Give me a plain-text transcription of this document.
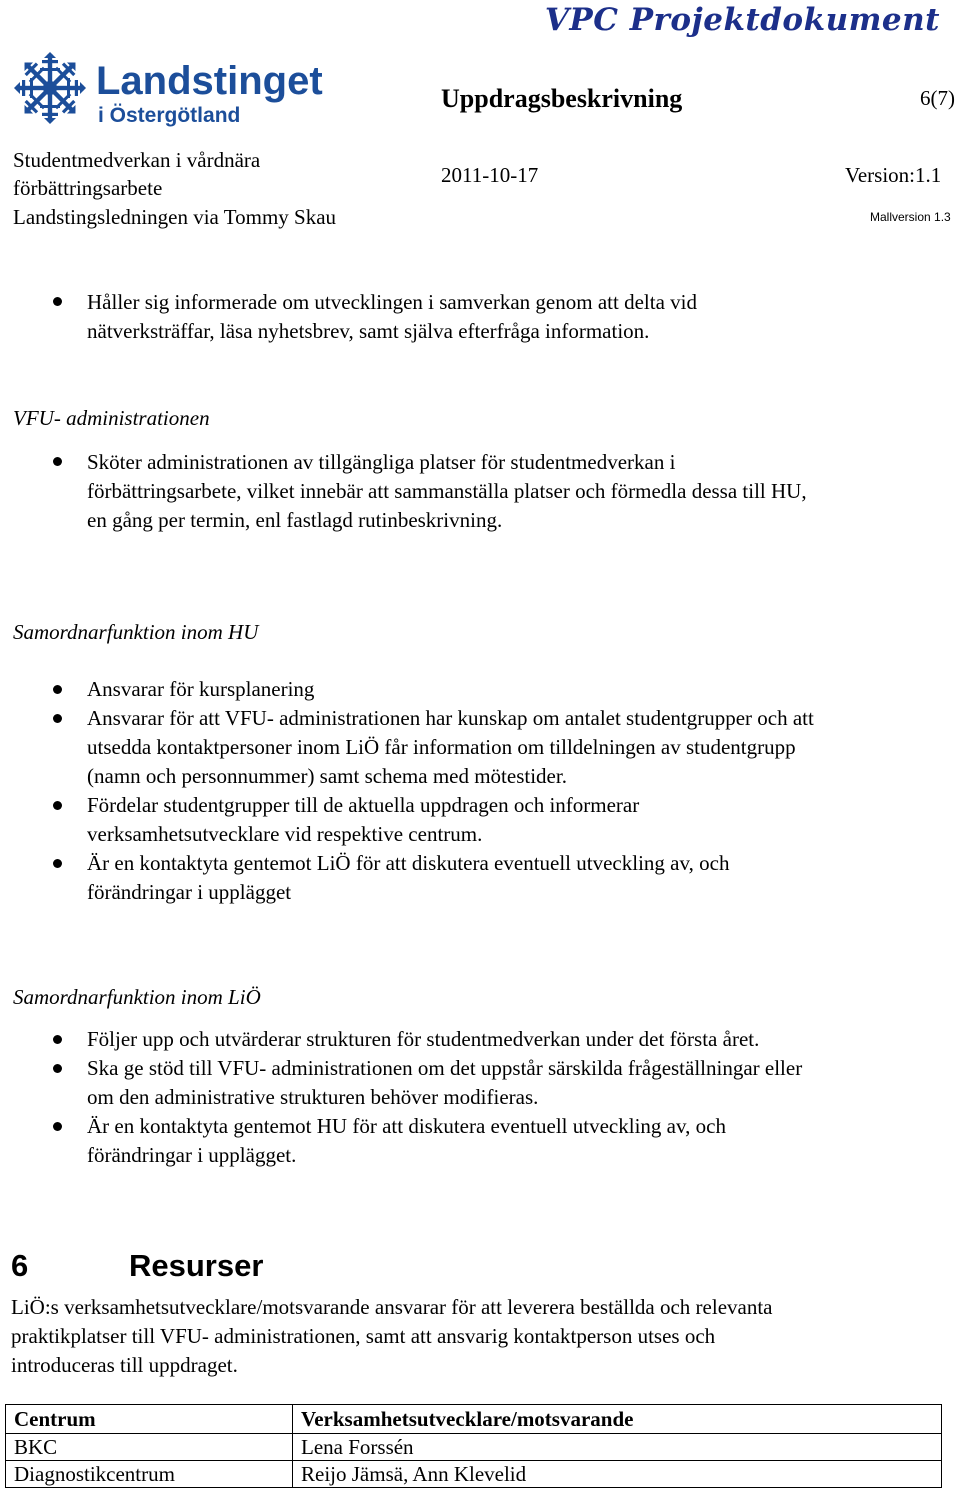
Landstinget
i Östergötland
VPC Projektdokument
Uppdragsbeskrivning	6(7)
Studentmedverkan i vårdnära
förbättringsarbete
Landstingsledningen via Tommy Skau
2011-10-17	Version:1.1
Mallversion 1.3
Håller sig informerade om utvecklingen i samverkan genom att delta vid
nätverksträffar, läsa nyhetsbrev, samt själva efterfråga information.
VFU- administrationen
Sköter administrationen av tillgängliga platser för studentmedverkan i
förbättringsarbete, vilket innebär att sammanställa platser och förmedla dessa till HU,
en gång per termin, enl fastlagd rutinbeskrivning.
Samordnarfunktion inom HU
Ansvarar för kursplanering
Ansvarar för att VFU- administrationen har kunskap om antalet studentgrupper och att
utsedda kontaktpersoner inom LiÖ får information om tilldelningen av studentgrupp
(namn och personnummer) samt schema med mötestider.
Fördelar studentgrupper till de aktuella uppdragen och informerar
verksamhetsutvecklare vid respektive centrum.
Är en kontaktyta gentemot LiÖ för att diskutera eventuell utveckling av, och
förändringar i upplägget
Samordnarfunktion inom LiÖ
Följer upp och utvärderar strukturen för studentmedverkan under det första året.
Ska ge stöd till VFU- administrationen om det uppstår särskilda frågeställningar eller
om den administrative strukturen behöver modifieras.
Är en kontaktyta gentemot HU för att diskutera eventuell utveckling av, och
förändringar i upplägget.
6	Resurser
LiÖ:s verksamhetsutvecklare/motsvarande ansvarar för att leverera beställda och relevanta
praktikplatser till VFU- administrationen, samt att ansvarig kontaktperson utses och
introduceras till uppdraget.
Centrum	Verksamhetsutvecklare/motsvarande
BKC	Lena Forssén
Diagnostikcentrum	Reijo Jämsä, Ann Klevelid
